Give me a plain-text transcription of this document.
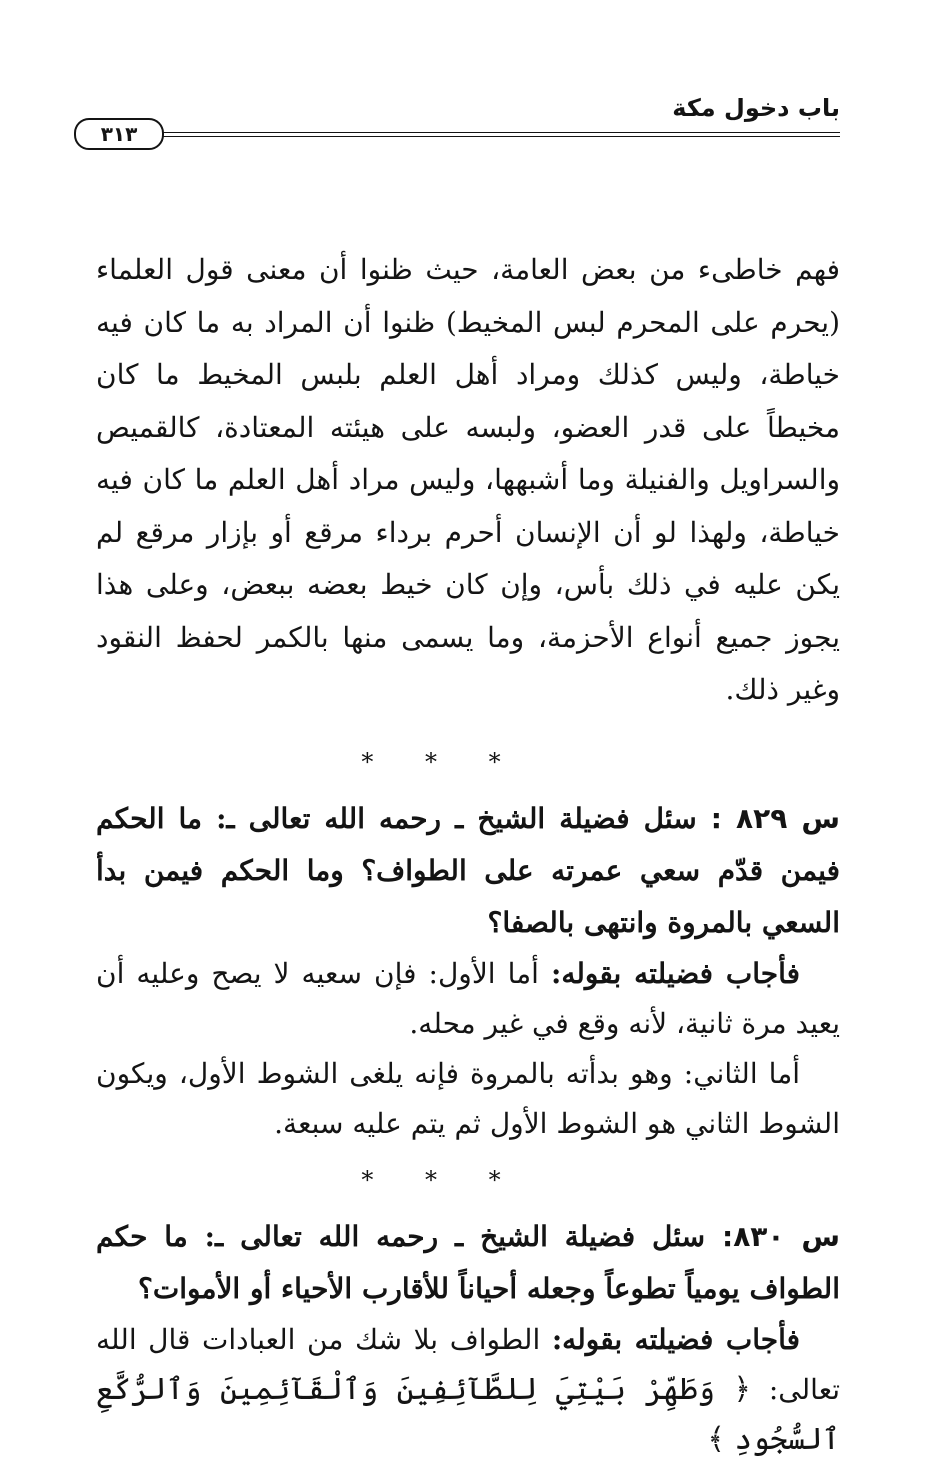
باب دخول مكة
٣١٣

فهم خاطىء من بعض العامة، حيث ظنوا أن معنى قول العلماء (يحرم على المحرم لبس المخيط) ظنوا أن المراد به ما كان فيه خياطة، وليس كذلك ومراد أهل العلم بلبس المخيط ما كان مخيطاً على قدر العضو، ولبسه على هيئته المعتادة، كالقميص والسراويل والفنيلة وما أشبهها، وليس مراد أهل العلم ما كان فيه خياطة، ولهذا لو أن الإنسان أحرم برداء مرقع أو بإزار مرقع لم يكن عليه في ذلك بأس، وإن كان خيط بعضه ببعض، وعلى هذا يجوز جميع أنواع الأحزمة، وما يسمى منها بالكمر لحفظ النقود وغير ذلك.

* * *

س ٨٢٩ : سئل فضيلة الشيخ ـ رحمه الله تعالى ـ: ما الحكم فيمن قدّم سعي عمرته على الطواف؟ وما الحكم فيمن بدأ السعي بالمروة وانتهى بالصفا؟

فأجاب فضيلته بقوله: أما الأول: فإن سعيه لا يصح وعليه أن يعيد مرة ثانية، لأنه وقع في غير محله.

أما الثاني: وهو بدأته بالمروة فإنه يلغى الشوط الأول، ويكون الشوط الثاني هو الشوط الأول ثم يتم عليه سبعة.

* * *

س ٨٣٠: سئل فضيلة الشيخ ـ رحمه الله تعالى ـ: ما حكم الطواف يومياً تطوعاً وجعله أحياناً للأقارب الأحياء أو الأموات؟

فأجاب فضيلته بقوله: الطواف بلا شك من العبادات قال الله تعالى: ﴿ وَطَهِّرْ بَيْتِيَ لِلطَّآئِفِينَ وَٱلْقَآئِمِينَ وَٱلرُّكَّعِ ٱلسُّجُودِ ﴾
